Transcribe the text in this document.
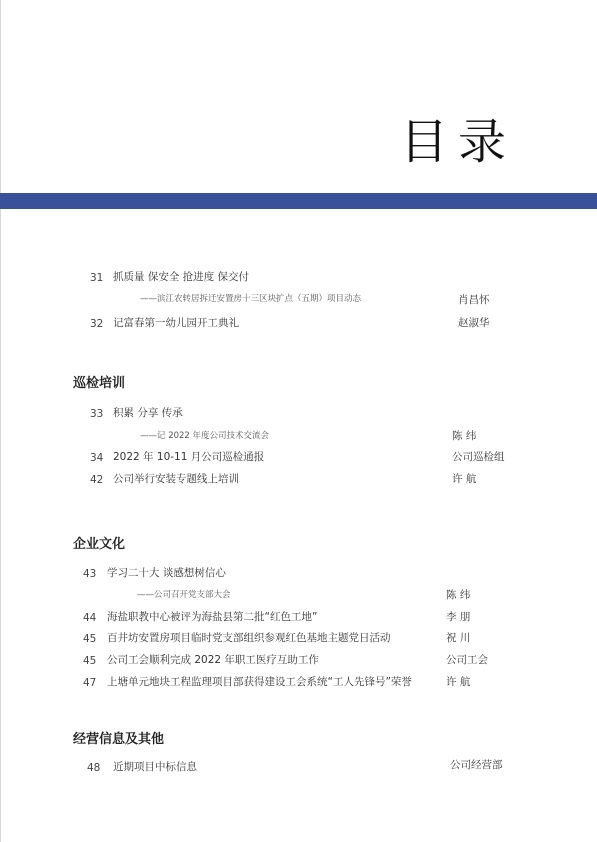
目录
31 抓质量 保安全 抢进度 保交付
——滨江农转居拆迁安置房十三区块扩点（五期）项目动态	肖昌怀
32 记富春第一幼儿园开工典礼	赵淑华
巡检培训
33 积累 分享 传承
——记 2022 年度公司技术交流会	陈 纬
34 2022 年 10-11 月公司巡检通报	公司巡检组
42 公司举行安装专题线上培训	许 航
企业文化
43 学习二十大 谈感想树信心
——公司召开党支部大会	陈 纬
44 海盐职教中心被评为海盐县第二批“红色工地”	李 朋
45 百井坊安置房项目临时党支部组织参观红色基地主题党日活动	祝 川
45 公司工会顺利完成 2022 年职工医疗互助工作	公司工会
47 上塘单元地块工程监理项目部获得建设工会系统“工人先锋号”荣誉	许 航
经营信息及其他
48 近期项目中标信息	公司经营部
